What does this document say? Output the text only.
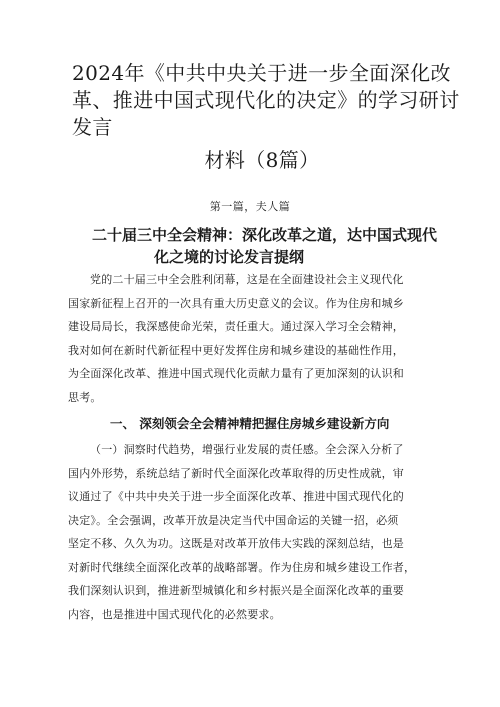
2024年《中共中央关于进一步全面深化改
革、推进中国式现代化的决定》的学习研讨
发言
材料（8篇）
第一篇，夫人篇
二十届三中全会精神：深化改革之道，达中国式现代
化之境的讨论发言提纲
党的二十届三中全会胜利闭幕，这是在全面建设社会主义现代化
国家新征程上召开的一次具有重大历史意义的会议。作为住房和城乡
建设局局长，我深感使命光荣，责任重大。通过深入学习全会精神，
我对如何在新时代新征程中更好发挥住房和城乡建设的基础性作用，
为全面深化改革、推进中国式现代化贡献力量有了更加深刻的认识和
思考。
一、 深刻领会全会精神精把握住房城乡建设新方向
（一）洞察时代趋势，增强行业发展的责任感。全会深入分析了
国内外形势，系统总结了新时代全面深化改革取得的历史性成就，审
议通过了《中共中央关于进一步全面深化改革、推进中国式现代化的
决定》。全会强调，改革开放是决定当代中国命运的关键一招，必须
坚定不移、久久为功。这既是对改革开放伟大实践的深刻总结，也是
对新时代继续全面深化改革的战略部署。作为住房和城乡建设工作者，
我们深刻认识到，推进新型城镇化和乡村振兴是全面深化改革的重要
内容，也是推进中国式现代化的必然要求。
